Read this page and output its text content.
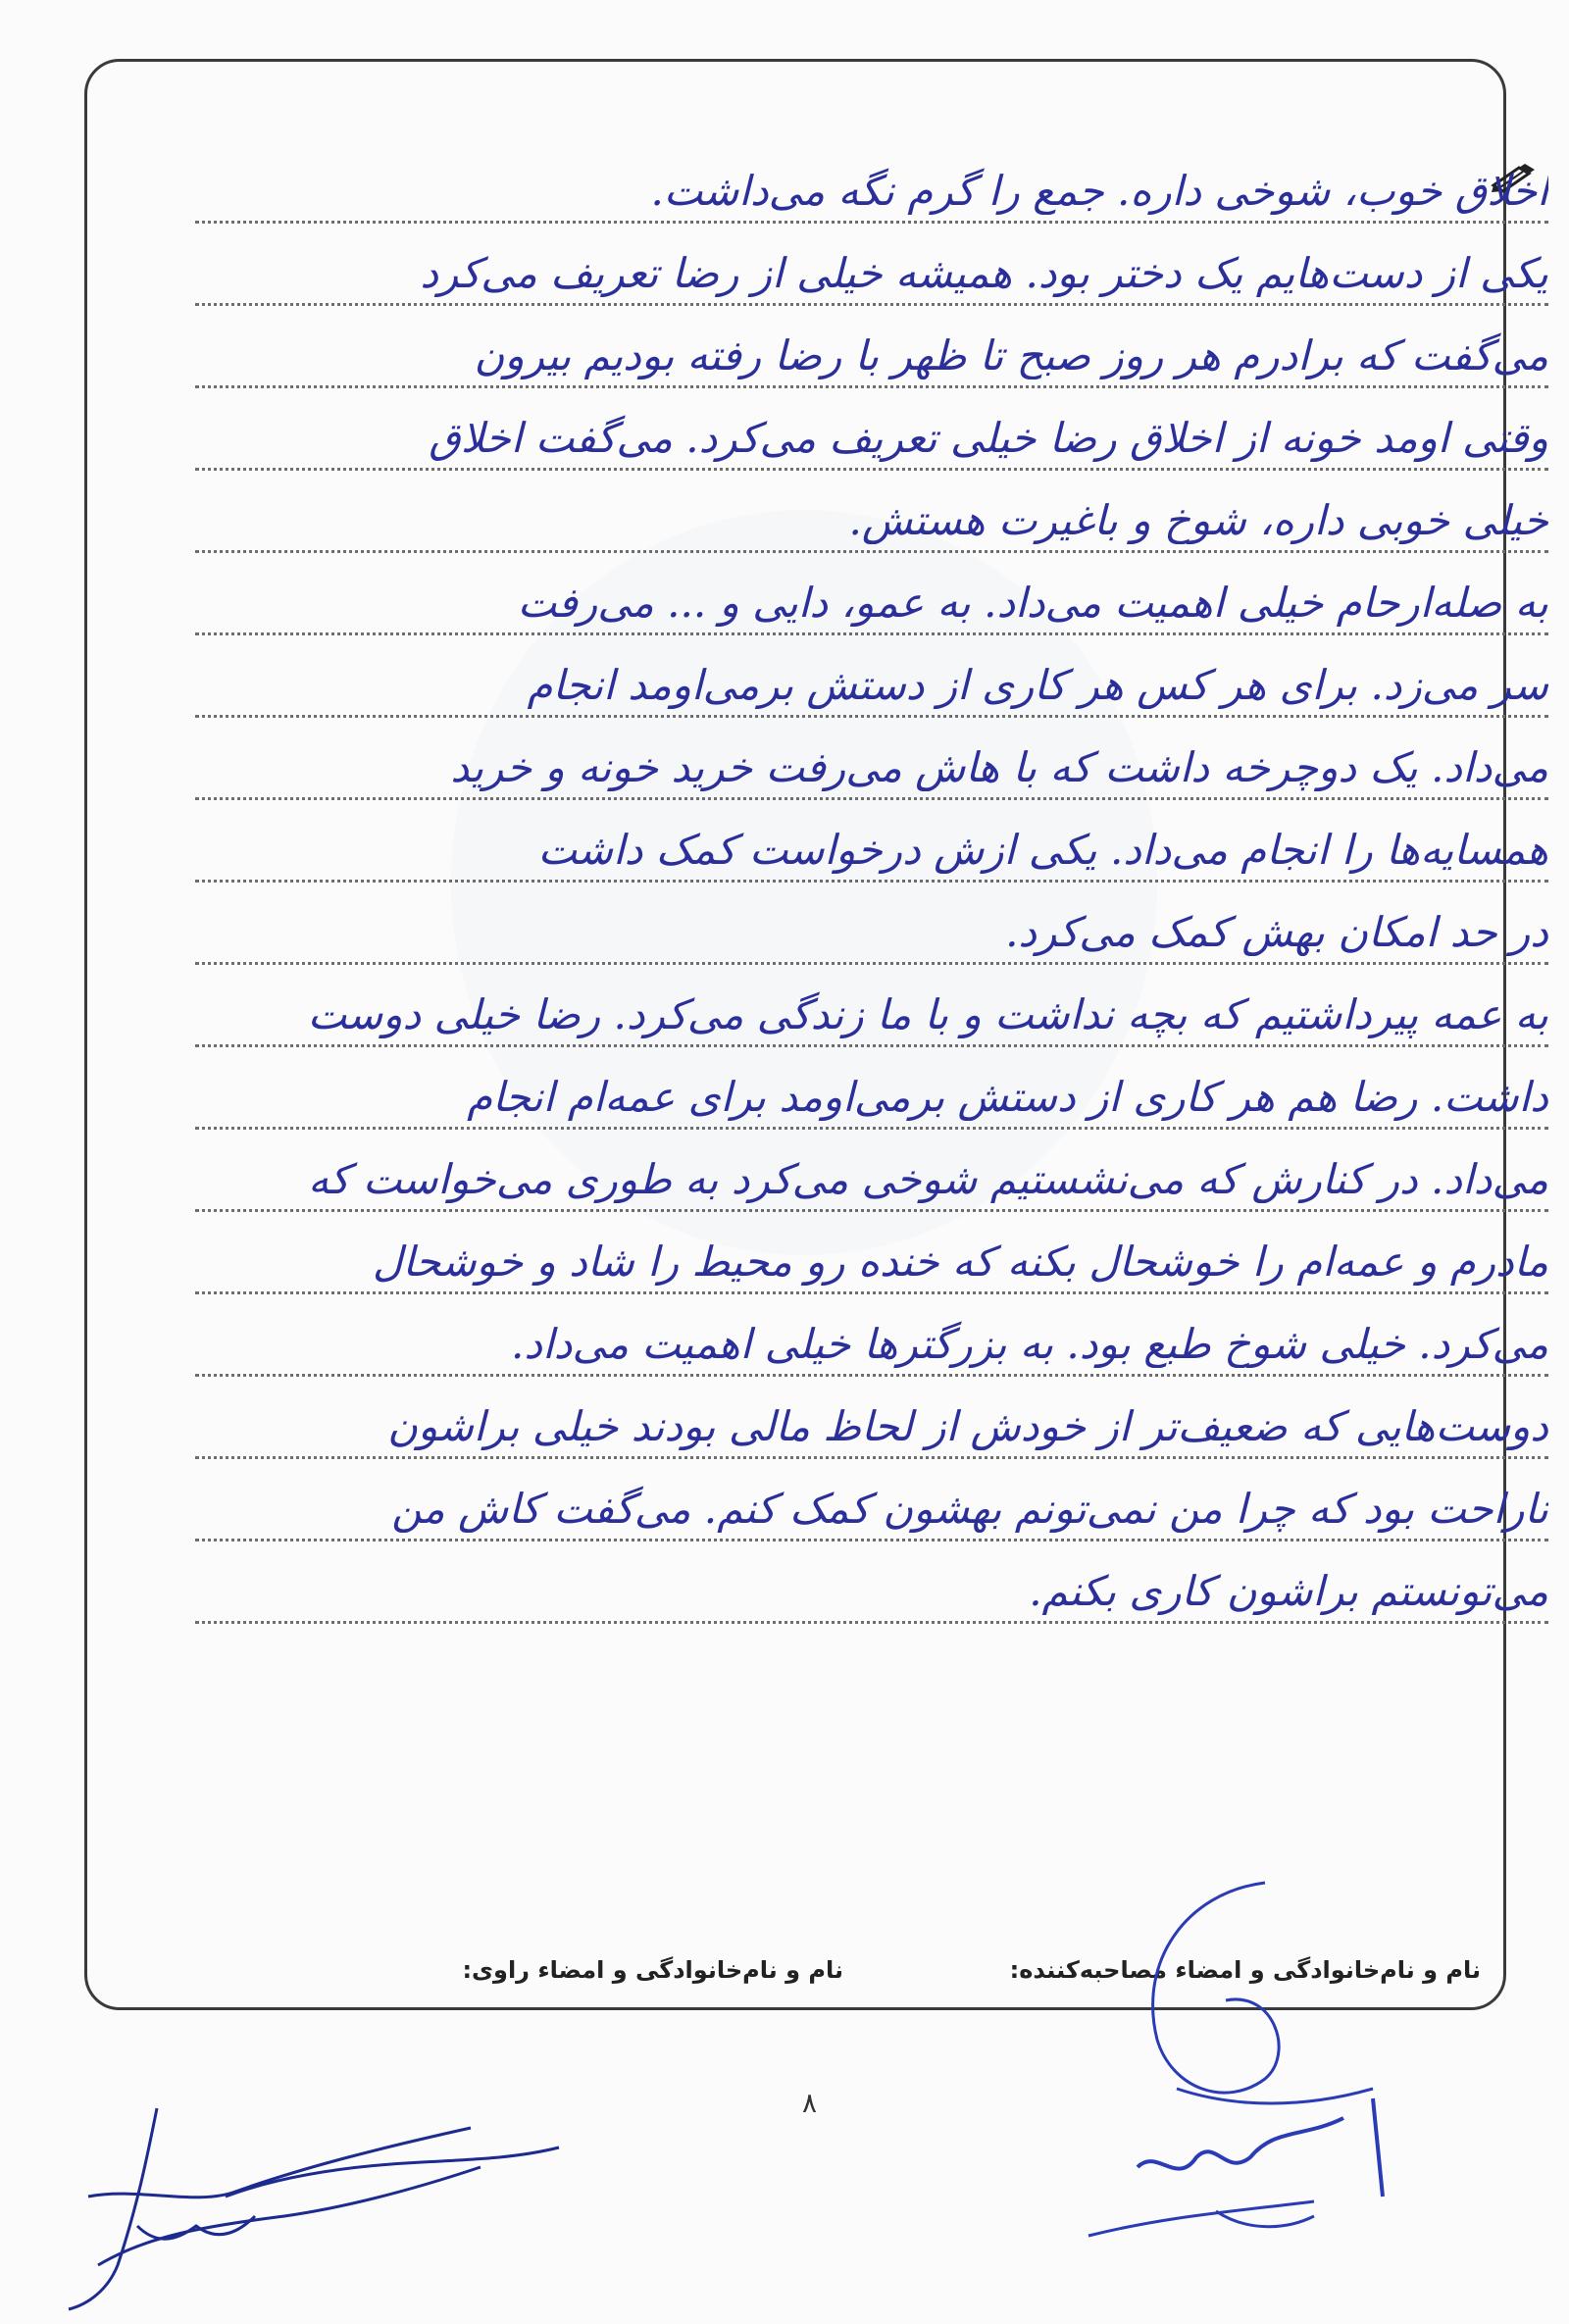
اخلاق خوب، شوخی داره. جمع را گرم نگه می‌داشت.
یکی از دست‌هایم یک دختر بود. همیشه خیلی از رضا تعریف می‌کرد
می‌گفت که برادرم هر روز صبح تا ظهر با رضا رفته بودیم بیرون
وقتی اومد خونه از اخلاق رضا خیلی تعریف می‌کرد. می‌گفت اخلاق
خیلی خوبی داره، شوخ و باغیرت هستش.
به صله‌ارحام خیلی اهمیت می‌داد. به عمو، دایی و ... می‌رفت
سر می‌زد. برای هر کس هر کاری از دستش برمی‌اومد انجام
می‌داد. یک دوچرخه داشت که با هاش می‌رفت خرید خونه و خرید
همسایه‌ها را انجام می‌داد. یکی ازش درخواست کمک داشت
در حد امکان بهش کمک می‌کرد.
به عمه پیرداشتیم که بچه نداشت و با ما زندگی می‌کرد. رضا خیلی دوست
داشت. رضا هم هر کاری از دستش برمی‌اومد برای عمه‌ام انجام
می‌داد. در کنارش که می‌نشستیم شوخی می‌کرد به طوری می‌خواست که
مادرم و عمه‌ام را خوشحال بکنه که خنده رو محیط را شاد و خوشحال
می‌کرد. خیلی شوخ طبع بود. به بزرگترها خیلی اهمیت می‌داد.
دوست‌هایی که ضعیف‌تر از خودش از لحاظ مالی بودند خیلی براشون
ناراحت بود که چرا من نمی‌تونم بهشون کمک کنم. می‌گفت کاش من
می‌تونستم براشون کاری بکنم.
نام و نام‌خانوادگی و امضاء مصاحبه‌کننده:
نام و نام‌خانوادگی و امضاء راوی:
۸
